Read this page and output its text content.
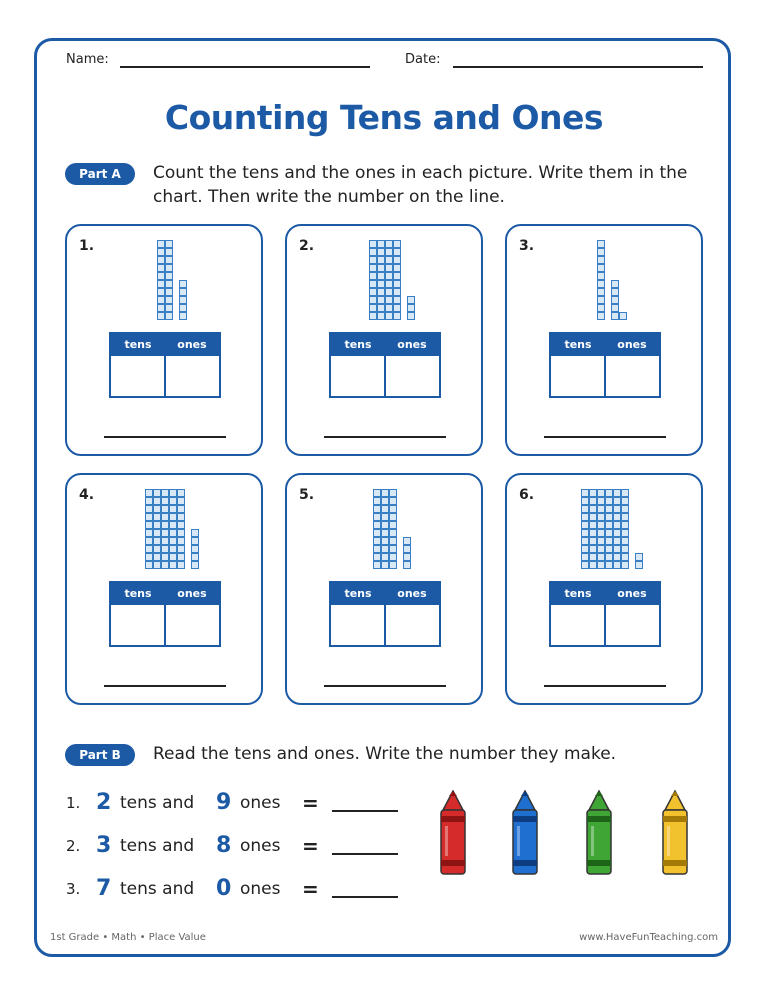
Name:	Date:
Counting Tens and Ones
Part A	Count the tens and the ones in each picture. Write them in the chart. Then write the number on the line.
1.
tens	ones
2.
tens	ones
3.
tens	ones
4.
tens	ones
5.
tens	ones
6.
tens	ones
Part B	Read the tens and ones. Write the number they make.
1. 2 tens and 9 ones =
2. 3 tens and 8 ones =
3. 7 tens and 0 ones =
1st Grade • Math • Place Value	www.HaveFunTeaching.com
